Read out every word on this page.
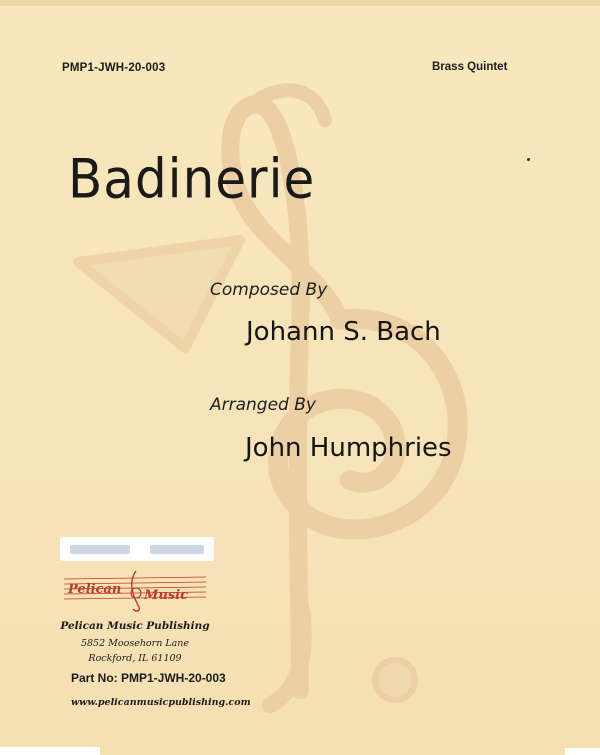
PMP1-JWH-20-003	Brass Quintet
Badinerie
Composed By
Johann S. Bach
Arranged By
John Humphries
Pelican Music
Pelican Music Publishing
5852 Moosehorn Lane
Rockford, IL 61109
Part No: PMP1-JWH-20-003
www.pelicanmusicpublishing.com
